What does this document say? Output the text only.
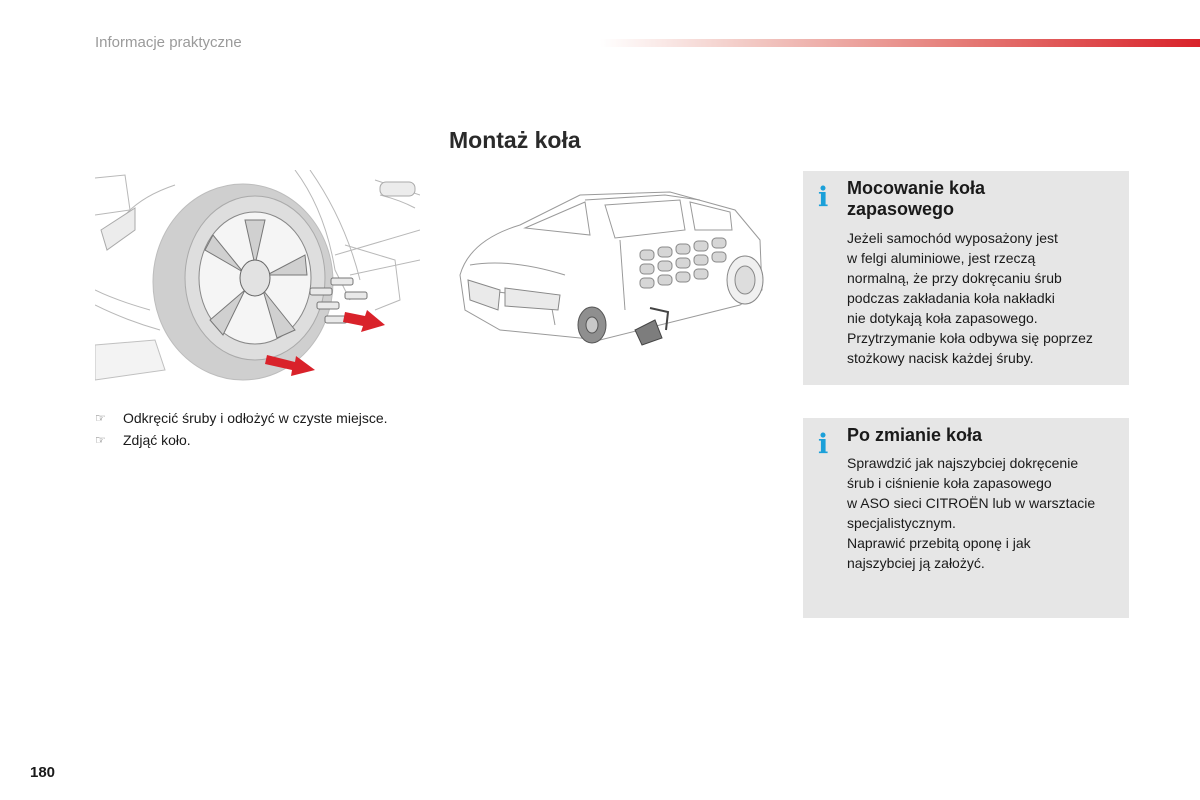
Informacje praktyczne
Montaż koła
☞	Odkręcić śruby i odłożyć w czyste miejsce.
☞	Zdjąć koło.
i Mocowanie koła
zapasowego
Jeżeli samochód wyposażony jest
w felgi aluminiowe, jest rzeczą
normalną, że przy dokręcaniu śrub
podczas zakładania koła nakładki
nie dotykają koła zapasowego.
Przytrzymanie koła odbywa się poprzez
stożkowy nacisk każdej śruby.
i Po zmianie koła
Sprawdzić jak najszybciej dokręcenie
śrub i ciśnienie koła zapasowego
w ASO sieci CITROËN lub w warsztacie
specjalistycznym.
Naprawić przebitą oponę i jak
najszybciej ją założyć.
180
